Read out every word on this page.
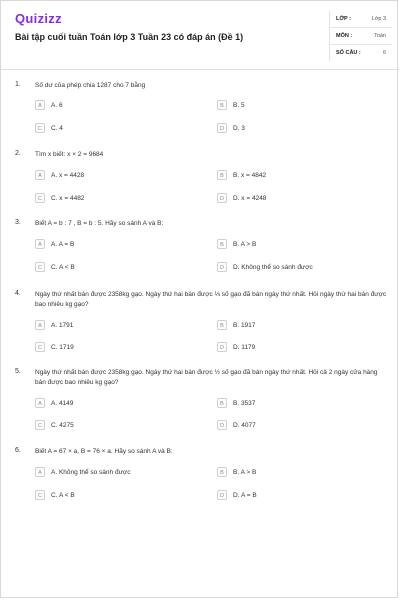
Quizizz
Bài tập cuối tuần Toán lớp 3 Tuần 23 có đáp án (Đề 1)
LỚP :	Lớp 3
MÔN :	Toán
SỐ CÂU :	6
1. Số dư của phép chia 1287 cho 7 bằng
A	A. 6	B	B. 5
C	C. 4	D	D. 3
2. Tìm x biết: x × 2 = 9684
A	A. x = 4428	B	B. x = 4842
C	C. x = 4482	D	D. x = 4248
3. Biết A = b : 7 , B = b : 5. Hãy so sánh A và B:
A	A. A = B	B	B. A > B
C	C. A < B	D	D. Không thể so sánh được
4. Ngày thứ nhất bán được 2358kg gạo. Ngày thứ hai bán được ⅓ số gạo đã bán ngày thứ nhất. Hỏi ngày thứ hai bán được bao nhiêu kg gạo?
A	A. 1791	B	B. 1917
C	C. 1719	D	D. 1179
5. Ngày thứ nhất bán được 2358kg gạo. Ngày thứ hai bán được ½ số gạo đã bán ngày thứ nhất. Hỏi cả 2 ngày cửa hàng bán được bao nhiêu kg gạo?
A	A. 4149	B	B. 3537
C	C. 4275	D	D. 4077
6. Biết A = 67 × a, B = 76 × a. Hãy so sánh A và B:
A	A. Không thể so sánh được	B	B. A > B
C	C. A < B	D	D. A = B
